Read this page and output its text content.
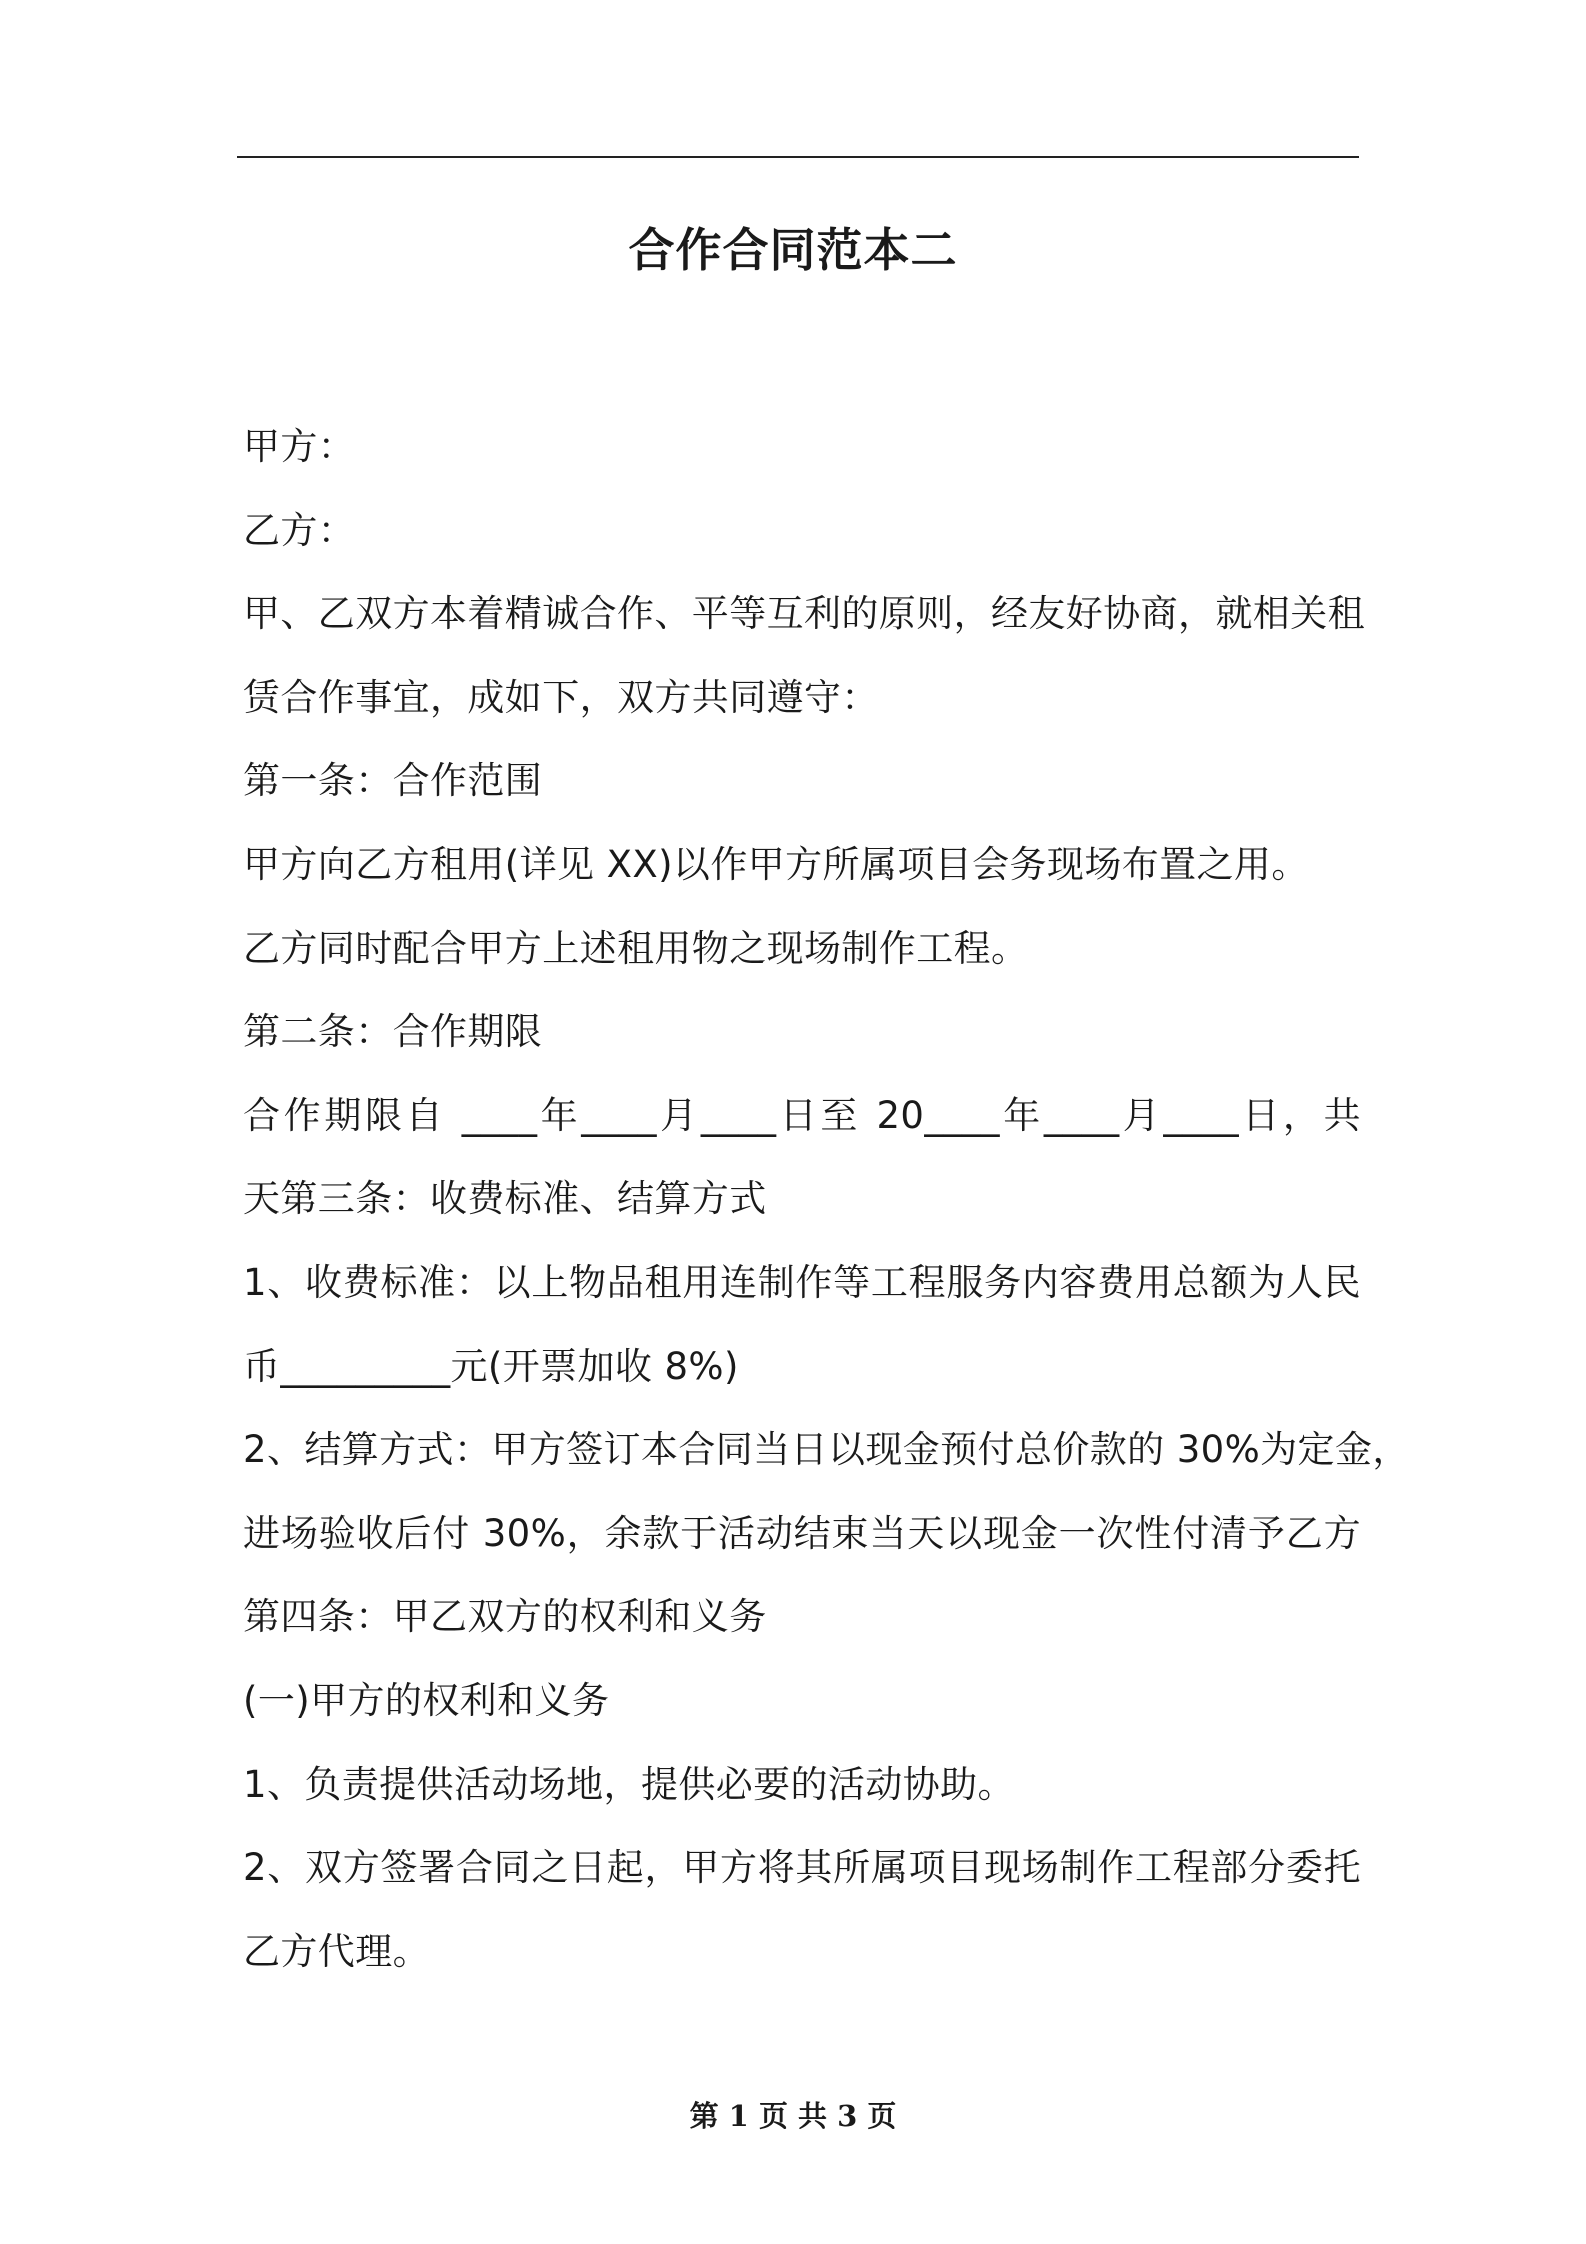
合作合同范本二
甲方：
乙方：
甲、乙双方本着精诚合作、平等互利的原则，经友好协商，就相关租
赁合作事宜，成如下，双方共同遵守：
第一条：合作范围
甲方向乙方租用(详见 XX)以作甲方所属项目会务现场布置之用。
乙方同时配合甲方上述租用物之现场制作工程。
第二条：合作期限
合作期限自 ____年____月____日至 20____年____月____日，共
天第三条：收费标准、结算方式
1、收费标准：以上物品租用连制作等工程服务内容费用总额为人民
币_________元(开票加收 8%)
2、结算方式：甲方签订本合同当日以现金预付总价款的 30%为定金，
进场验收后付 30%，余款于活动结束当天以现金一次性付清予乙方
第四条：甲乙双方的权利和义务
(一)甲方的权利和义务
1、负责提供活动场地，提供必要的活动协助。
2、双方签署合同之日起，甲方将其所属项目现场制作工程部分委托
乙方代理。
第 1 页 共 3 页
